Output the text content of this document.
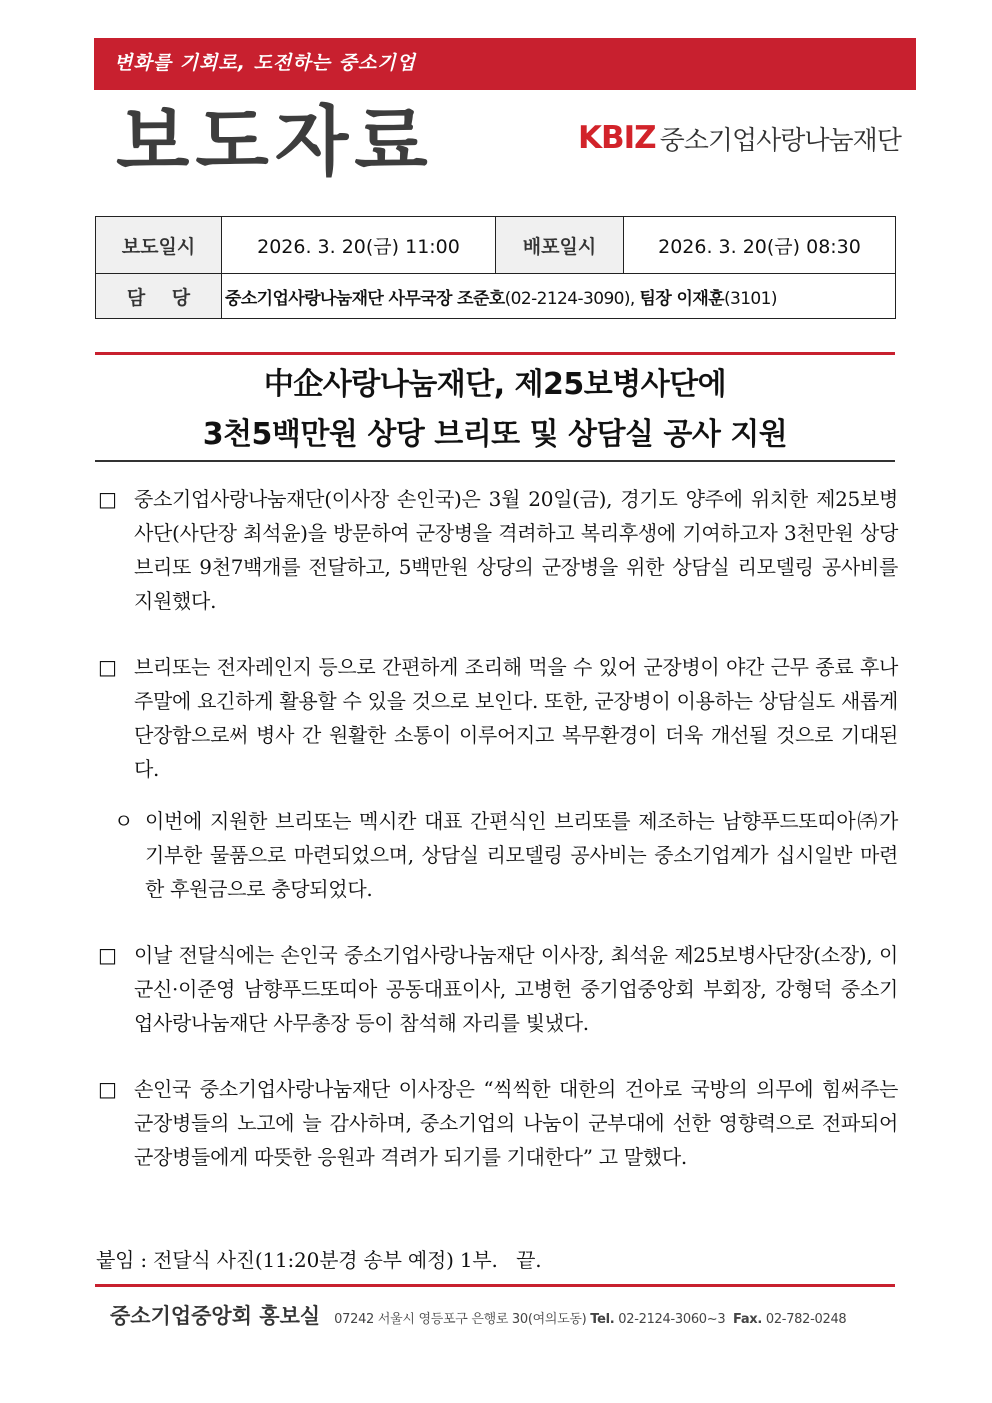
변화를 기회로, 도전하는 중소기업
보도자료	KBIZ 중소기업사랑나눔재단
보도일시	2026. 3. 20(금) 11:00	배포일시	2026. 3. 20(금) 08:30
담    당	중소기업사랑나눔재단 사무국장 조준호(02-2124-3090), 팀장 이재훈(3101)		
中企사랑나눔재단, 제25보병사단에
3천5백만원 상당 브리또 및 상담실 공사 지원
□ 중소기업사랑나눔재단(이사장 손인국)은 3월 20일(금), 경기도 양주에 위치한 제25보병사단(사단장 최석윤)을 방문하여 군장병을 격려하고 복리후생에 기여하고자 3천만원 상당 브리또 9천7백개를 전달하고, 5백만원 상당의 군장병을 위한 상담실 리모델링 공사비를 지원했다.
□ 브리또는 전자레인지 등으로 간편하게 조리해 먹을 수 있어 군장병이 야간 근무 종료 후나 주말에 요긴하게 활용할 수 있을 것으로 보인다. 또한, 군장병이 이용하는 상담실도 새롭게 단장함으로써 병사 간 원활한 소통이 이루어지고 복무환경이 더욱 개선될 것으로 기대된다.
ㅇ 이번에 지원한 브리또는 멕시칸 대표 간편식인 브리또를 제조하는 남향푸드또띠아㈜가 기부한 물품으로 마련되었으며, 상담실 리모델링 공사비는 중소기업계가 십시일반 마련한 후원금으로 충당되었다.
□ 이날 전달식에는 손인국 중소기업사랑나눔재단 이사장, 최석윤 제25보병사단장(소장), 이군신·이준영 남향푸드또띠아 공동대표이사, 고병헌 중기업중앙회 부회장, 강형덕 중소기업사랑나눔재단 사무총장 등이 참석해 자리를 빛냈다.
□ 손인국 중소기업사랑나눔재단 이사장은 “씩씩한 대한의 건아로 국방의 의무에 힘써주는 군장병들의 노고에 늘 감사하며, 중소기업의 나눔이 군부대에 선한 영향력으로 전파되어 군장병들에게 따뜻한 응원과 격려가 되기를 기대한다” 고 말했다.
붙임 : 전달식 사진(11:20분경 송부 예정) 1부.   끝.
중소기업중앙회 홍보실 07242 서울시 영등포구 은행로 30(여의도동) Tel. 02-2124-3060~3  Fax. 02-782-0248
